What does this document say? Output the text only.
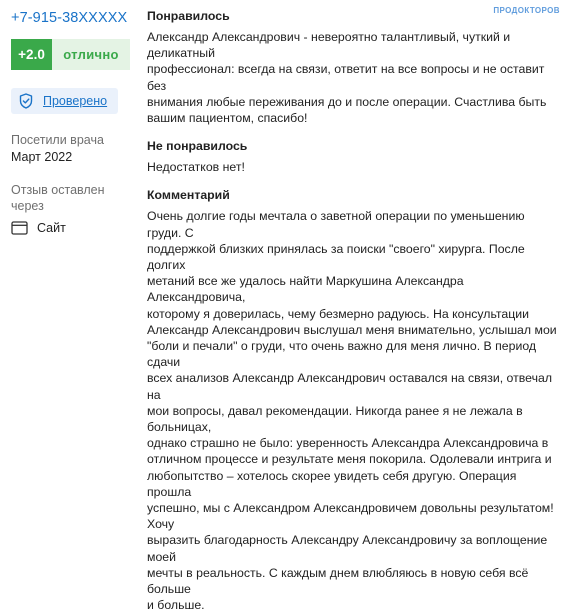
+7-915-38XXXXX
+2.0	отлично
Проверено
Посетили врача
Март 2022
Отзыв оставлен через
Сайт
ПРОДОКТОРОВ
Понравилось
Александр Александрович - невероятно талантливый, чуткий и деликатный
профессионал: всегда на связи, ответит на все вопросы и не оставит без
внимания любые переживания до и после операции. Счастлива быть
вашим пациентом, спасибо!
Не понравилось
Недостатков нет!
Комментарий
Очень долгие годы мечтала о заветной операции по уменьшению груди. С
поддержкой близких принялась за поиски "своего" хирурга. После долгих
метаний все же удалось найти Маркушина Александра Александровича,
которому я доверилась, чему безмерно радуюсь. На консультации
Александр Александрович выслушал меня внимательно, услышал мои
"боли и печали" о груди, что очень важно для меня лично. В период сдачи
всех анализов Александр Александрович оставался на связи, отвечал на
мои вопросы, давал рекомендации. Никогда ранее я не лежала в больницах,
однако страшно не было: уверенность Александра Александровича в
отличном процессе и результате меня покорила. Одолевали интрига и
любопытство – хотелось скорее увидеть себя другую. Операция прошла
успешно, мы с Александром Александровичем довольны результатом! Хочу
выразить благодарность Александру Александровичу за воплощение моей
мечты в реальность. С каждым днем влюбляюсь в новую себя всё больше
и больше.
